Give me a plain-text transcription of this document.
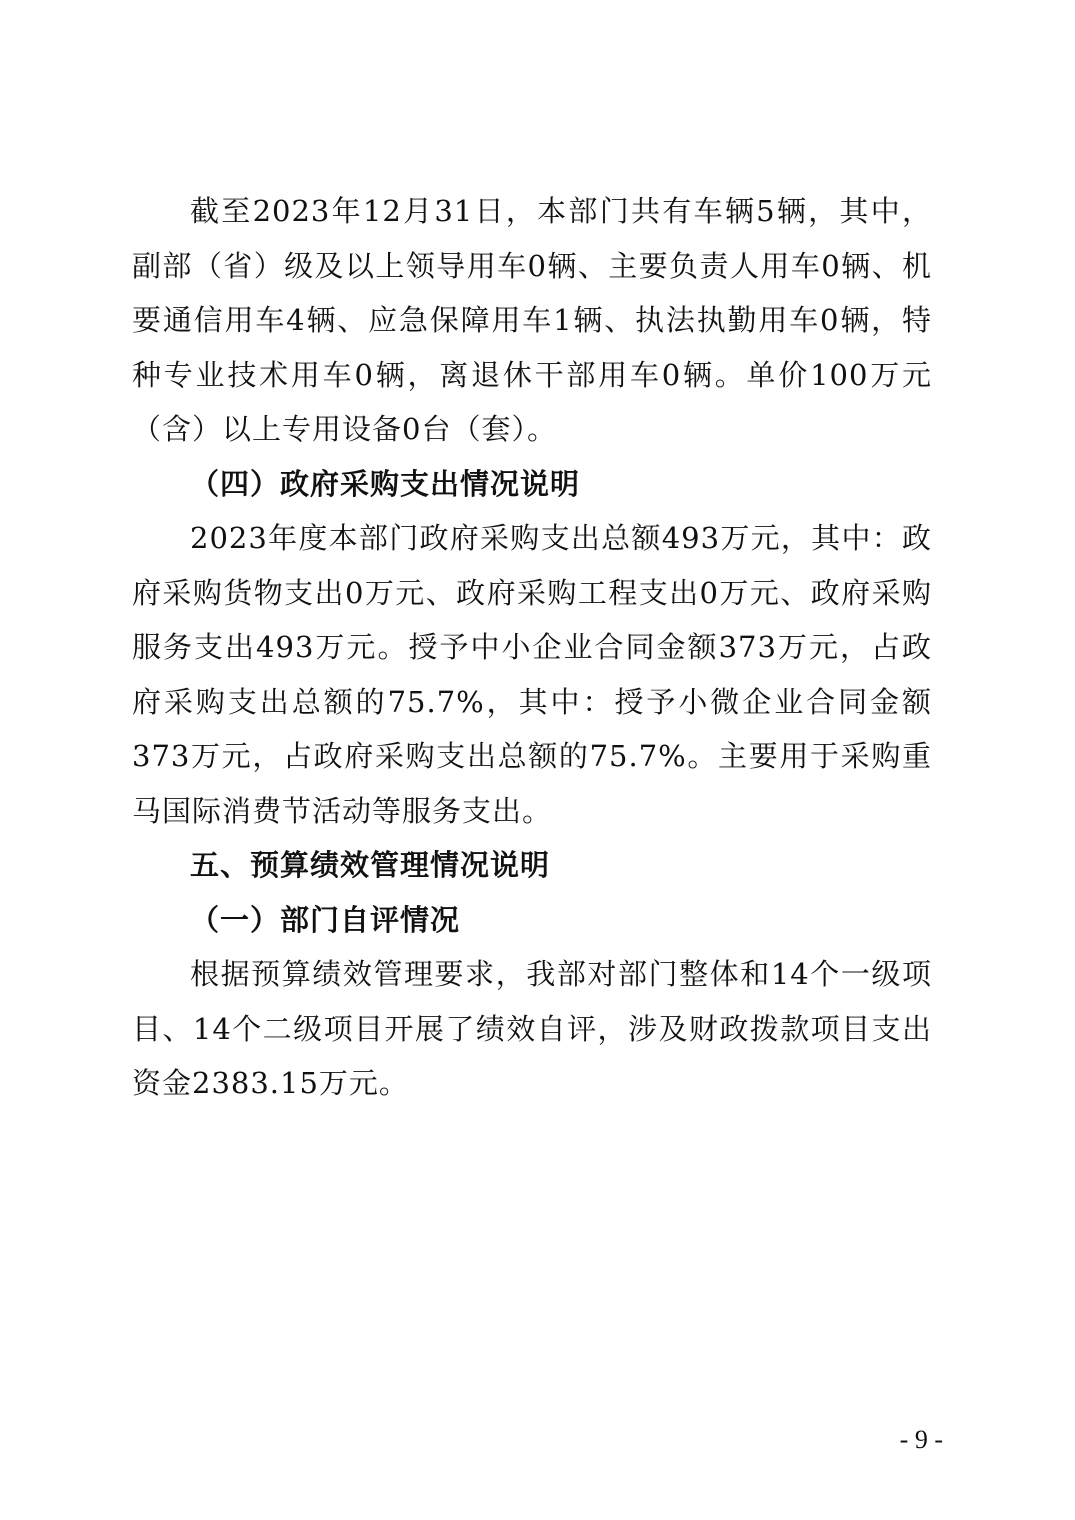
截至2023年12月31日，本部门共有车辆5辆，其中，副部（省）级及以上领导用车0辆、主要负责人用车0辆、机要通信用车4辆、应急保障用车1辆、执法执勤用车0辆，特种专业技术用车0辆，离退休干部用车0辆。单价100万元（含）以上专用设备0台（套）。

（四）政府采购支出情况说明

2023年度本部门政府采购支出总额493万元，其中：政府采购货物支出0万元、政府采购工程支出0万元、政府采购服务支出493万元。授予中小企业合同金额373万元，占政府采购支出总额的75.7%，其中：授予小微企业合同金额373万元，占政府采购支出总额的75.7%。主要用于采购重马国际消费节活动等服务支出。

五、预算绩效管理情况说明

（一）部门自评情况

根据预算绩效管理要求，我部对部门整体和14个一级项目、14个二级项目开展了绩效自评，涉及财政拨款项目支出资金2383.15万元。

- 9 -
